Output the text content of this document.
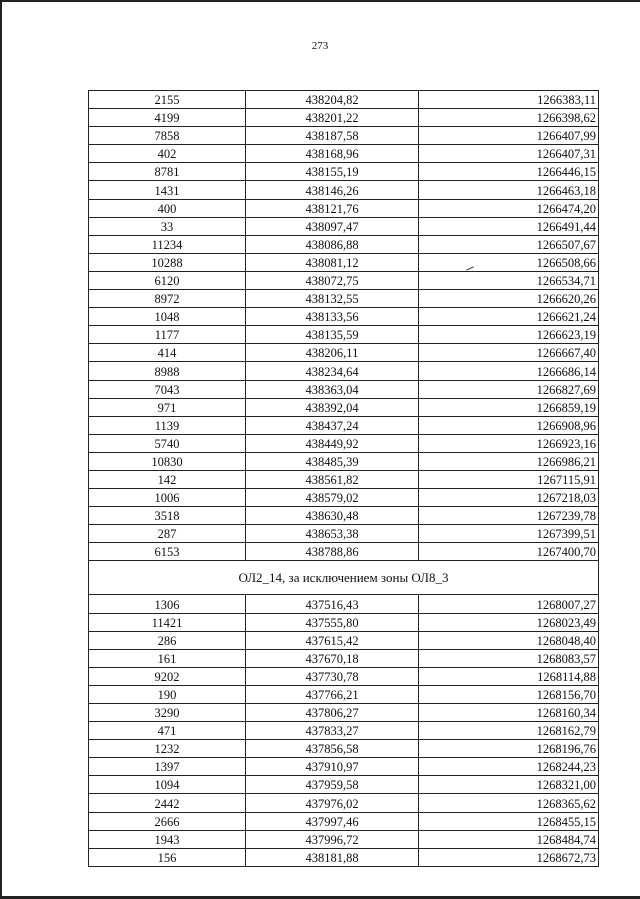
273
2155	438204,82	1266383,11
4199	438201,22	1266398,62
7858	438187,58	1266407,99
402	438168,96	1266407,31
8781	438155,19	1266446,15
1431	438146,26	1266463,18
400	438121,76	1266474,20
33	438097,47	1266491,44
11234	438086,88	1266507,67
10288	438081,12	1266508,66
6120	438072,75	1266534,71
8972	438132,55	1266620,26
1048	438133,56	1266621,24
1177	438135,59	1266623,19
414	438206,11	1266667,40
8988	438234,64	1266686,14
7043	438363,04	1266827,69
971	438392,04	1266859,19
1139	438437,24	1266908,96
5740	438449,92	1266923,16
10830	438485,39	1266986,21
142	438561,82	1267115,91
1006	438579,02	1267218,03
3518	438630,48	1267239,78
287	438653,38	1267399,51
6153	438788,86	1267400,70
ОЛ2_14, за исключением зоны ОЛ8_3		
1306	437516,43	1268007,27
11421	437555,80	1268023,49
286	437615,42	1268048,40
161	437670,18	1268083,57
9202	437730,78	1268114,88
190	437766,21	1268156,70
3290	437806,27	1268160,34
471	437833,27	1268162,79
1232	437856,58	1268196,76
1397	437910,97	1268244,23
1094	437959,58	1268321,00
2442	437976,02	1268365,62
2666	437997,46	1268455,15
1943	437996,72	1268484,74
156	438181,88	1268672,73
